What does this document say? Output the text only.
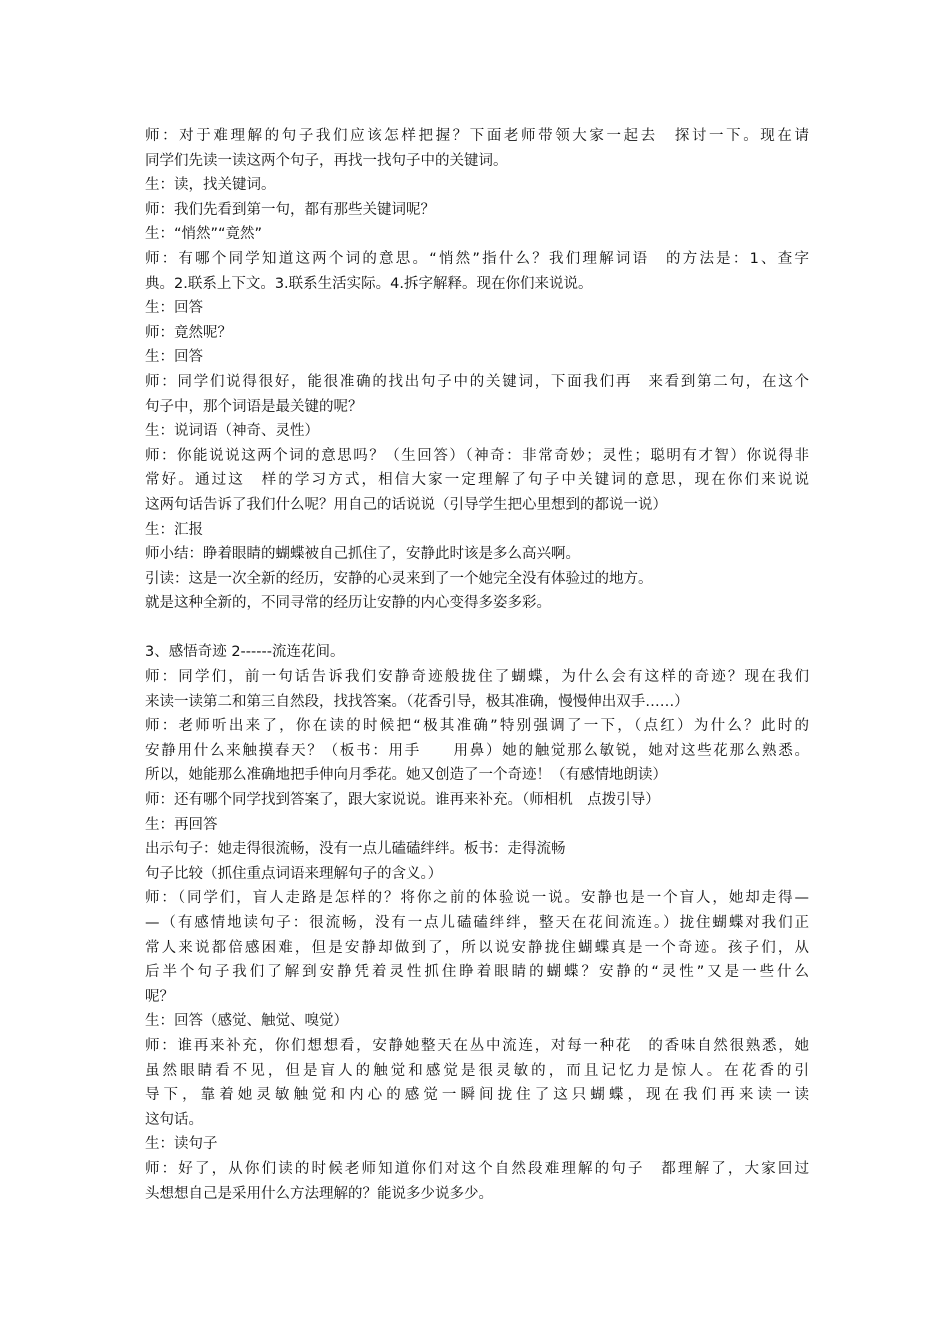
师：对于难理解的句子我们应该怎样把握？下面老师带领大家一起去　探讨一下。现在请
同学们先读一读这两个句子，再找一找句子中的关键词。
生：读，找关键词。
师：我们先看到第一句，都有那些关键词呢？
生：“悄然”“竟然”
师：有哪个同学知道这两个词的意思。“悄然”指什么？我们理解词语　的方法是：1、查字
典。2.联系上下文。3.联系生活实际。4.拆字解释。现在你们来说说。
生：回答
师：竟然呢？
生：回答
师：同学们说得很好，能很准确的找出句子中的关键词，下面我们再　来看到第二句，在这个
句子中，那个词语是最关键的呢？
生：说词语（神奇、灵性）
师：你能说说这两个词的意思吗？（生回答）（神奇：非常奇妙；灵性；聪明有才智）你说得非
常好。通过这　样的学习方式，相信大家一定理解了句子中关键词的意思，现在你们来说说
这两句话告诉了我们什么呢？用自己的话说说（引导学生把心里想到的都说一说）
生：汇报
师小结：睁着眼睛的蝴蝶被自己抓住了，安静此时该是多么高兴啊。
引读：这是一次全新的经历，安静的心灵来到了一个她完全没有体验过的地方。
就是这种全新的，不同寻常的经历让安静的内心变得多姿多彩。
3、感悟奇迹 2------流连花间。
师：同学们，前一句话告诉我们安静奇迹般拢住了蝴蝶，为什么会有这样的奇迹？现在我们
来读一读第二和第三自然段，找找答案。（花香引导，极其准确，慢慢伸出双手……）
师：老师听出来了，你在读的时候把“极其准确”特别强调了一下，（点红）为什么？此时的
安静用什么来触摸春天？（板书：用手　　用鼻）她的触觉那么敏锐，她对这些花那么熟悉。
所以，她能那么准确地把手伸向月季花。她又创造了一个奇迹！（有感情地朗读）
师：还有哪个同学找到答案了，跟大家说说。谁再来补充。（师相机　点拨引导）
生：再回答
出示句子：她走得很流畅，没有一点儿磕磕绊绊。板书：走得流畅
句子比较（抓住重点词语来理解句子的含义。）
师：（同学们，盲人走路是怎样的？将你之前的体验说一说。安静也是一个盲人，她却走得—
—（有感情地读句子：很流畅，没有一点儿磕磕绊绊，整天在花间流连。）拢住蝴蝶对我们正
常人来说都倍感困难，但是安静却做到了，所以说安静拢住蝴蝶真是一个奇迹。孩子们，从
后半个句子我们了解到安静凭着灵性抓住睁着眼睛的蝴蝶？安静的“灵性”又是一些什么
呢？
生：回答（感觉、触觉、嗅觉）
师：谁再来补充，你们想想看，安静她整天在丛中流连，对每一种花　的香味自然很熟悉，她
虽然眼睛看不见，但是盲人的触觉和感觉是很灵敏的，而且记忆力是惊人。在花香的引
导下，靠着她灵敏触觉和内心的感觉一瞬间拢住了这只蝴蝶，现在我们再来读一读
这句话。
生：读句子
师：好了，从你们读的时候老师知道你们对这个自然段难理解的句子　都理解了，大家回过
头想想自己是采用什么方法理解的？能说多少说多少。
